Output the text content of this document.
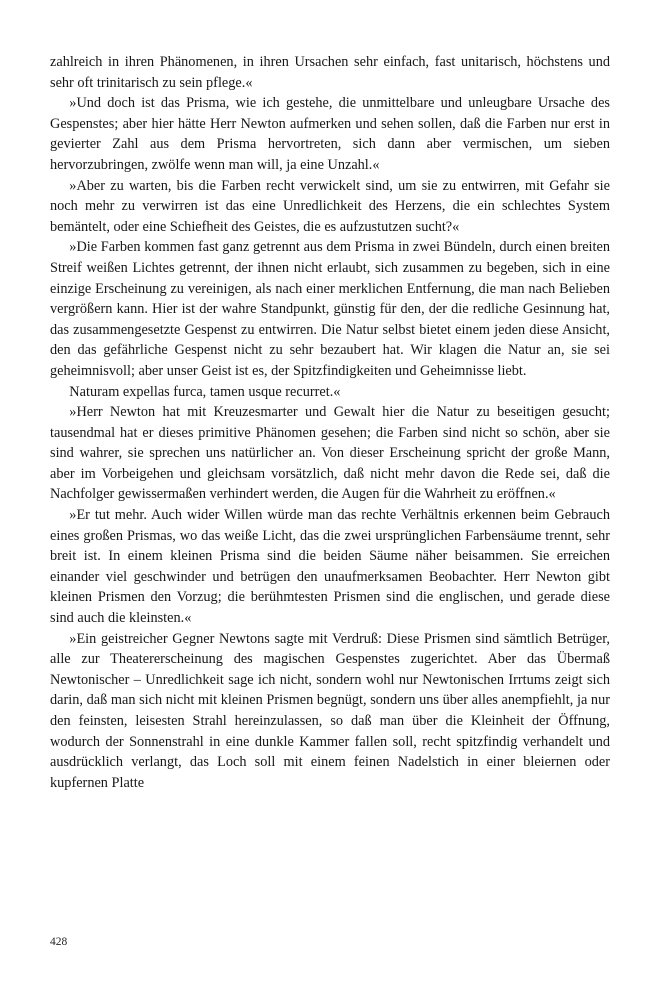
zahlreich in ihren Phänomenen, in ihren Ursachen sehr einfach, fast unitarisch, höchstens und sehr oft trinitarisch zu sein pflege.«

»Und doch ist das Prisma, wie ich gestehe, die unmittelbare und unleugbare Ursache des Gespenstes; aber hier hätte Herr Newton aufmerken und sehen sollen, daß die Farben nur erst in gevierter Zahl aus dem Prisma hervortreten, sich dann aber vermischen, um sieben hervorzubringen, zwölfe wenn man will, ja eine Unzahl.«

»Aber zu warten, bis die Farben recht verwickelt sind, um sie zu entwirren, mit Gefahr sie noch mehr zu verwirren ist das eine Unredlichkeit des Herzens, die ein schlechtes System bemäntelt, oder eine Schiefheit des Geistes, die es aufzustutzen sucht?«

»Die Farben kommen fast ganz getrennt aus dem Prisma in zwei Bündeln, durch einen breiten Streif weißen Lichtes getrennt, der ihnen nicht erlaubt, sich zusammen zu begeben, sich in eine einzige Erscheinung zu vereinigen, als nach einer merklichen Entfernung, die man nach Belieben vergrößern kann. Hier ist der wahre Standpunkt, günstig für den, der die redliche Gesinnung hat, das zusammengesetzte Gespenst zu entwirren. Die Natur selbst bietet einem jeden diese Ansicht, den das gefährliche Gespenst nicht zu sehr bezaubert hat. Wir klagen die Natur an, sie sei geheimnisvoll; aber unser Geist ist es, der Spitzfindigkeiten und Geheimnisse liebt.

Naturam expellas furca, tamen usque recurret.«

»Herr Newton hat mit Kreuzesmarter und Gewalt hier die Natur zu beseitigen gesucht; tausendmal hat er dieses primitive Phänomen gesehen; die Farben sind nicht so schön, aber sie sind wahrer, sie sprechen uns natürlicher an. Von dieser Erscheinung spricht der große Mann, aber im Vorbeigehen und gleichsam vorsätzlich, daß nicht mehr davon die Rede sei, daß die Nachfolger gewissermaßen verhindert werden, die Augen für die Wahrheit zu eröffnen.«

»Er tut mehr. Auch wider Willen würde man das rechte Verhältnis erkennen beim Gebrauch eines großen Prismas, wo das weiße Licht, das die zwei ursprünglichen Farbensäume trennt, sehr breit ist. In einem kleinen Prisma sind die beiden Säume näher beisammen. Sie erreichen einander viel geschwinder und betrügen den unaufmerksamen Beobachter. Herr Newton gibt kleinen Prismen den Vorzug; die berühmtesten Prismen sind die englischen, und gerade diese sind auch die kleinsten.«

»Ein geistreicher Gegner Newtons sagte mit Verdruß: Diese Prismen sind sämtlich Betrüger, alle zur Theatererscheinung des magischen Gespenstes zugerichtet. Aber das Übermaß Newtonischer – Unredlichkeit sage ich nicht, sondern wohl nur Newtonischen Irrtums zeigt sich darin, daß man sich nicht mit kleinen Prismen begnügt, sondern uns über alles anempfiehlt, ja nur den feinsten, leisesten Strahl hereinzulassen, so daß man über die Kleinheit der Öffnung, wodurch der Sonnenstrahl in eine dunkle Kammer fallen soll, recht spitzfindig verhandelt und ausdrücklich verlangt, das Loch soll mit einem feinen Nadelstich in einer bleiernen oder kupfernen Platte

428
